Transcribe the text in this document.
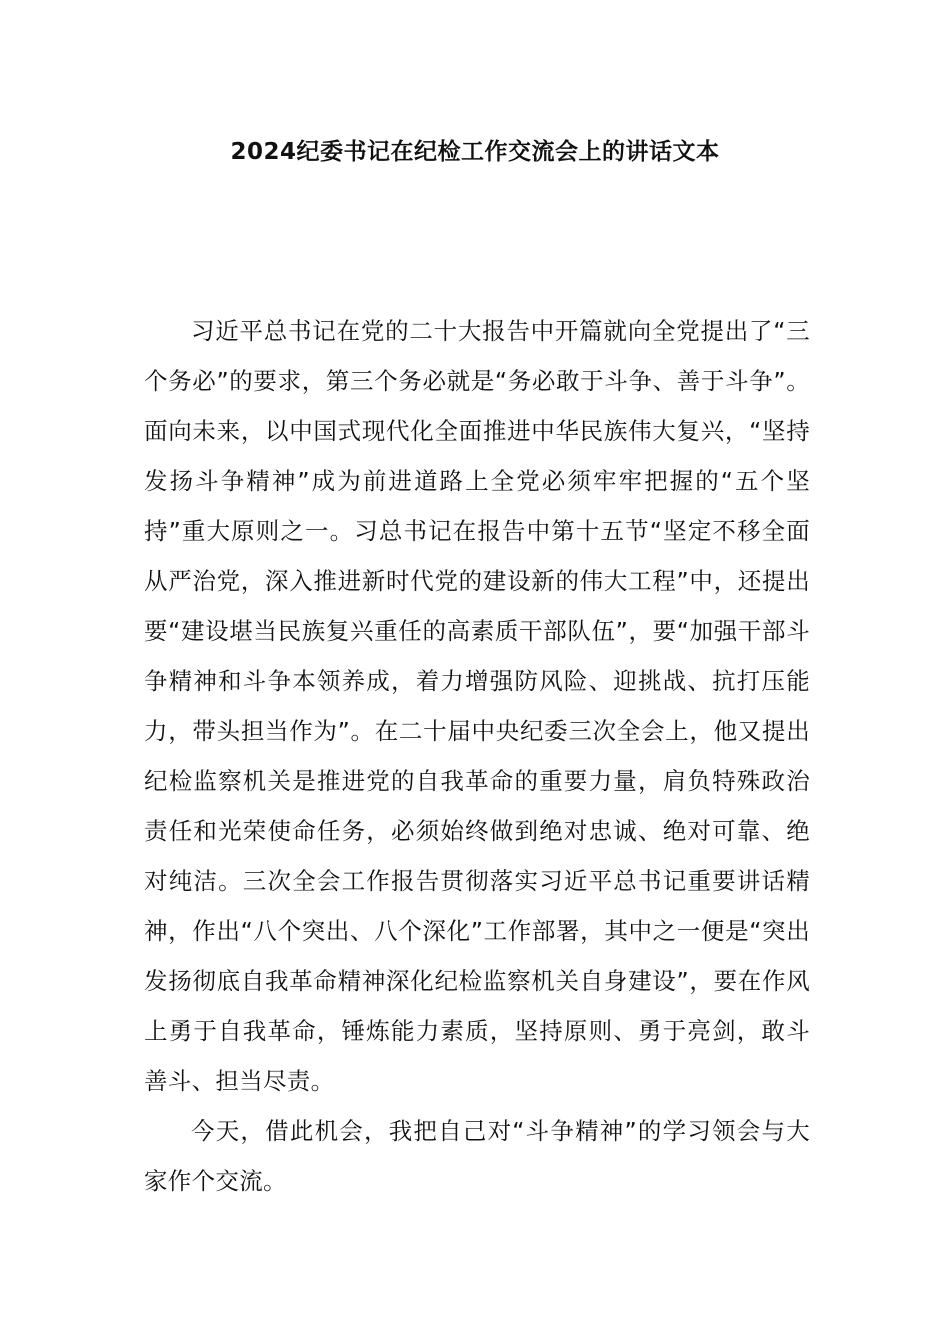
2024纪委书记在纪检工作交流会上的讲话文本

习近平总书记在党的二十大报告中开篇就向全党提出了“三个务必”的要求，第三个务必就是“务必敢于斗争、善于斗争”。面向未来，以中国式现代化全面推进中华民族伟大复兴，“坚持发扬斗争精神”成为前进道路上全党必须牢牢把握的“五个坚持”重大原则之一。习总书记在报告中第十五节“坚定不移全面从严治党，深入推进新时代党的建设新的伟大工程”中，还提出要“建设堪当民族复兴重任的高素质干部队伍”，要“加强干部斗争精神和斗争本领养成，着力增强防风险、迎挑战、抗打压能力，带头担当作为”。在二十届中央纪委三次全会上，他又提出纪检监察机关是推进党的自我革命的重要力量，肩负特殊政治责任和光荣使命任务，必须始终做到绝对忠诚、绝对可靠、绝对纯洁。三次全会工作报告贯彻落实习近平总书记重要讲话精神，作出“八个突出、八个深化”工作部署，其中之一便是“突出发扬彻底自我革命精神深化纪检监察机关自身建设”，要在作风上勇于自我革命，锤炼能力素质，坚持原则、勇于亮剑，敢斗善斗、担当尽责。

今天，借此机会，我把自己对“斗争精神”的学习领会与大家作个交流。
